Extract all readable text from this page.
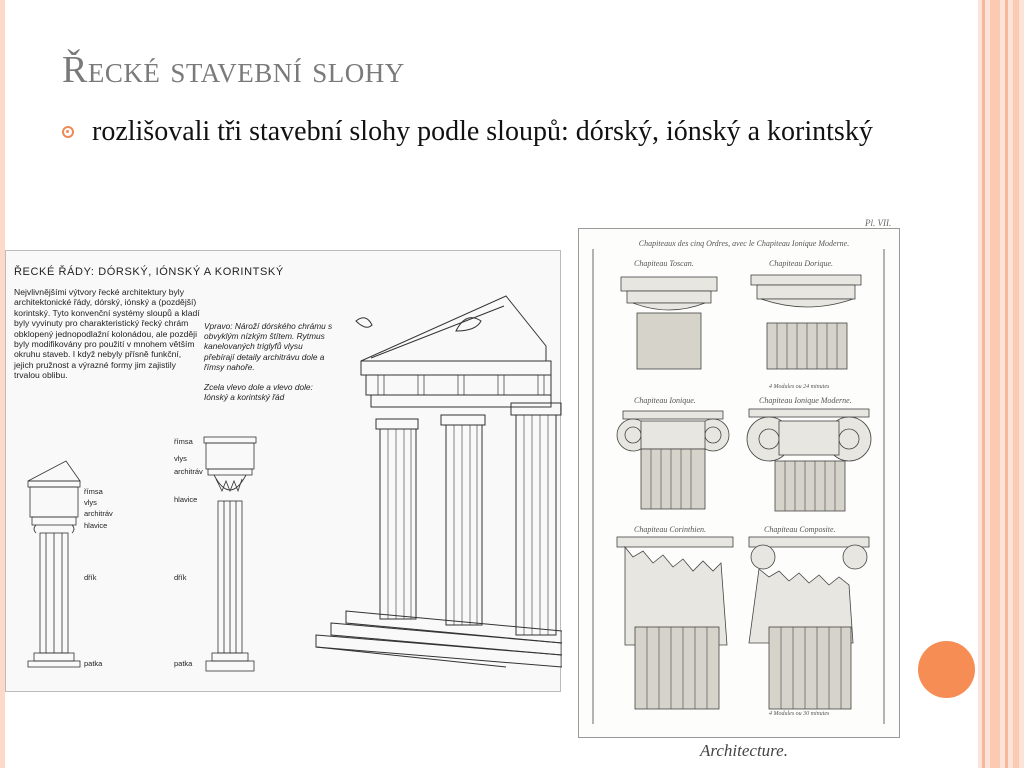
Řecké stavební slohy
rozlišovali tři stavební slohy podle sloupů: dórský, iónský a korintský
ŘECKÉ ŘÁDY: DÓRSKÝ, IÓNSKÝ A KORINTSKÝ
Nejvlivnějšími výtvory řecké architektury byly architektonické řády, dórský, iónský a (pozdější) korintský. Tyto konvenční systémy sloupů a kladí byly vyvinuty pro charakteristický řecký chrám obklopený jednopodlažní kolonádou, ale později byly modifikovány pro použití v mnohem větším okruhu staveb. I když nebyly přísně funkční, jejich pružnost a výrazné formy jim zajistily trvalou oblibu.
Vpravo: Nároží dórského chrámu s obvyklým nízkým štítem. Rytmus kanelovaných triglyfů vlysu přebírají detaily architrávu dole a římsy nahoře.
Zcela vlevo dole a vlevo dole: Iónský a korintský řád
římsa
vlys
architráv
hlavice
dřík
patka
římsa
vlys
architráv
hlavice
dřík
patka
Pl. VII.
Chapiteaux des cinq Ordres, avec le Chapiteau Ionique Moderne.
Chapiteau Toscan.	Chapiteau Dorique.
Chapiteau Ionique.	Chapiteau Ionique Moderne.
Chapiteau Corinthien.	Chapiteau Composite.
4 Modules ou 24 minutes
4 Modules ou 30 minutes
Architecture.
